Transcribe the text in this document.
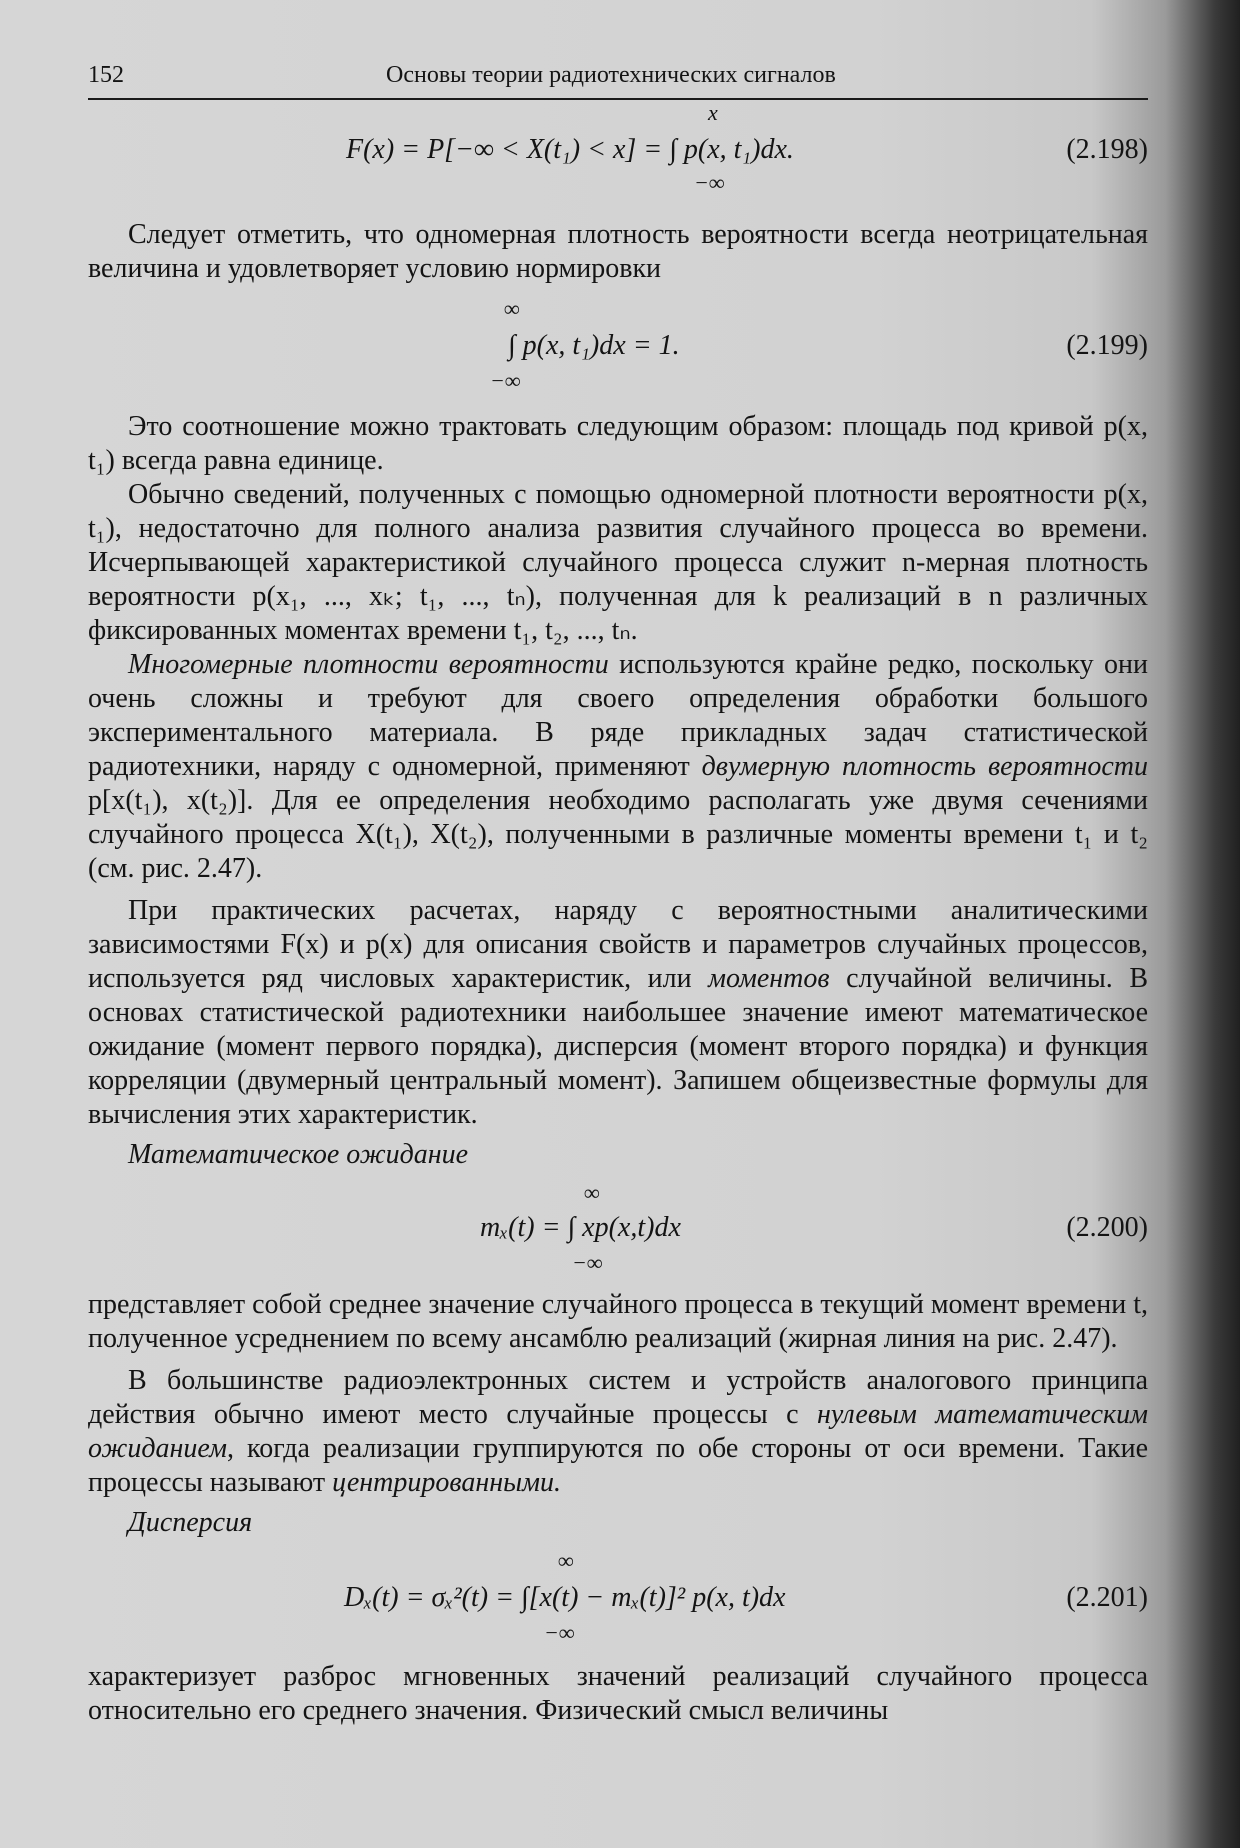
152	Основы теории радиотехнических сигналов
x
F(x) = P[−∞ < X(t₁) < x] = ∫ p(x, t₁)dx.
−∞
(2.198)

Следует отметить, что одномерная плотность вероятности всегда неотрицательная величина и удовлетворяет условию нормировки

∞
∫ p(x, t₁)dx = 1.
−∞
(2.199)

Это соотношение можно трактовать следующим образом: площадь под кривой p(x, t₁) всегда равна единице.

Обычно сведений, полученных с помощью одномерной плотности вероятности p(x, t₁), недостаточно для полного анализа развития случайного процесса во времени. Исчерпывающей характеристикой случайного процесса служит n-мерная плотность вероятности p(x₁, ..., xₖ; t₁, ..., tₙ), полученная для k реализаций в n различных фиксированных моментах времени t₁, t₂, ..., tₙ.

Многомерные плотности вероятности используются крайне редко, поскольку они очень сложны и требуют для своего определения обработки большого экспериментального материала. В ряде прикладных задач статистической радиотехники, наряду с одномерной, применяют двумерную плотность вероятности p[x(t₁), x(t₂)]. Для ее определения необходимо располагать уже двумя сечениями случайного процесса X(t₁), X(t₂), полученными в различные моменты времени t₁ и t₂ (см. рис. 2.47).

При практических расчетах, наряду с вероятностными аналитическими зависимостями F(x) и p(x) для описания свойств и параметров случайных процессов, используется ряд числовых характеристик, или моментов случайной величины. В основах статистической радиотехники наибольшее значение имеют математическое ожидание (момент первого порядка), дисперсия (момент второго порядка) и функция корреляции (двумерный центральный момент). Запишем общеизвестные формулы для вычисления этих характеристик.

Математическое ожидание
∞
mₓ(t) = ∫ xp(x,t)dx
−∞
(2.200)

представляет собой среднее значение случайного процесса в текущий момент времени t, полученное усреднением по всему ансамблю реализаций (жирная линия на рис. 2.47).

В большинстве радиоэлектронных систем и устройств аналогового принципа действия обычно имеют место случайные процессы с нулевым математическим ожиданием, когда реализации группируются по обе стороны от оси времени. Такие процессы называют центрированными.

Дисперсия
∞
Dₓ(t) = σₓ²(t) = ∫[x(t) − mₓ(t)]² p(x, t)dx
−∞
(2.201)

характеризует разброс мгновенных значений реализаций случайного процесса относительно его среднего значения. Физический смысл величины
